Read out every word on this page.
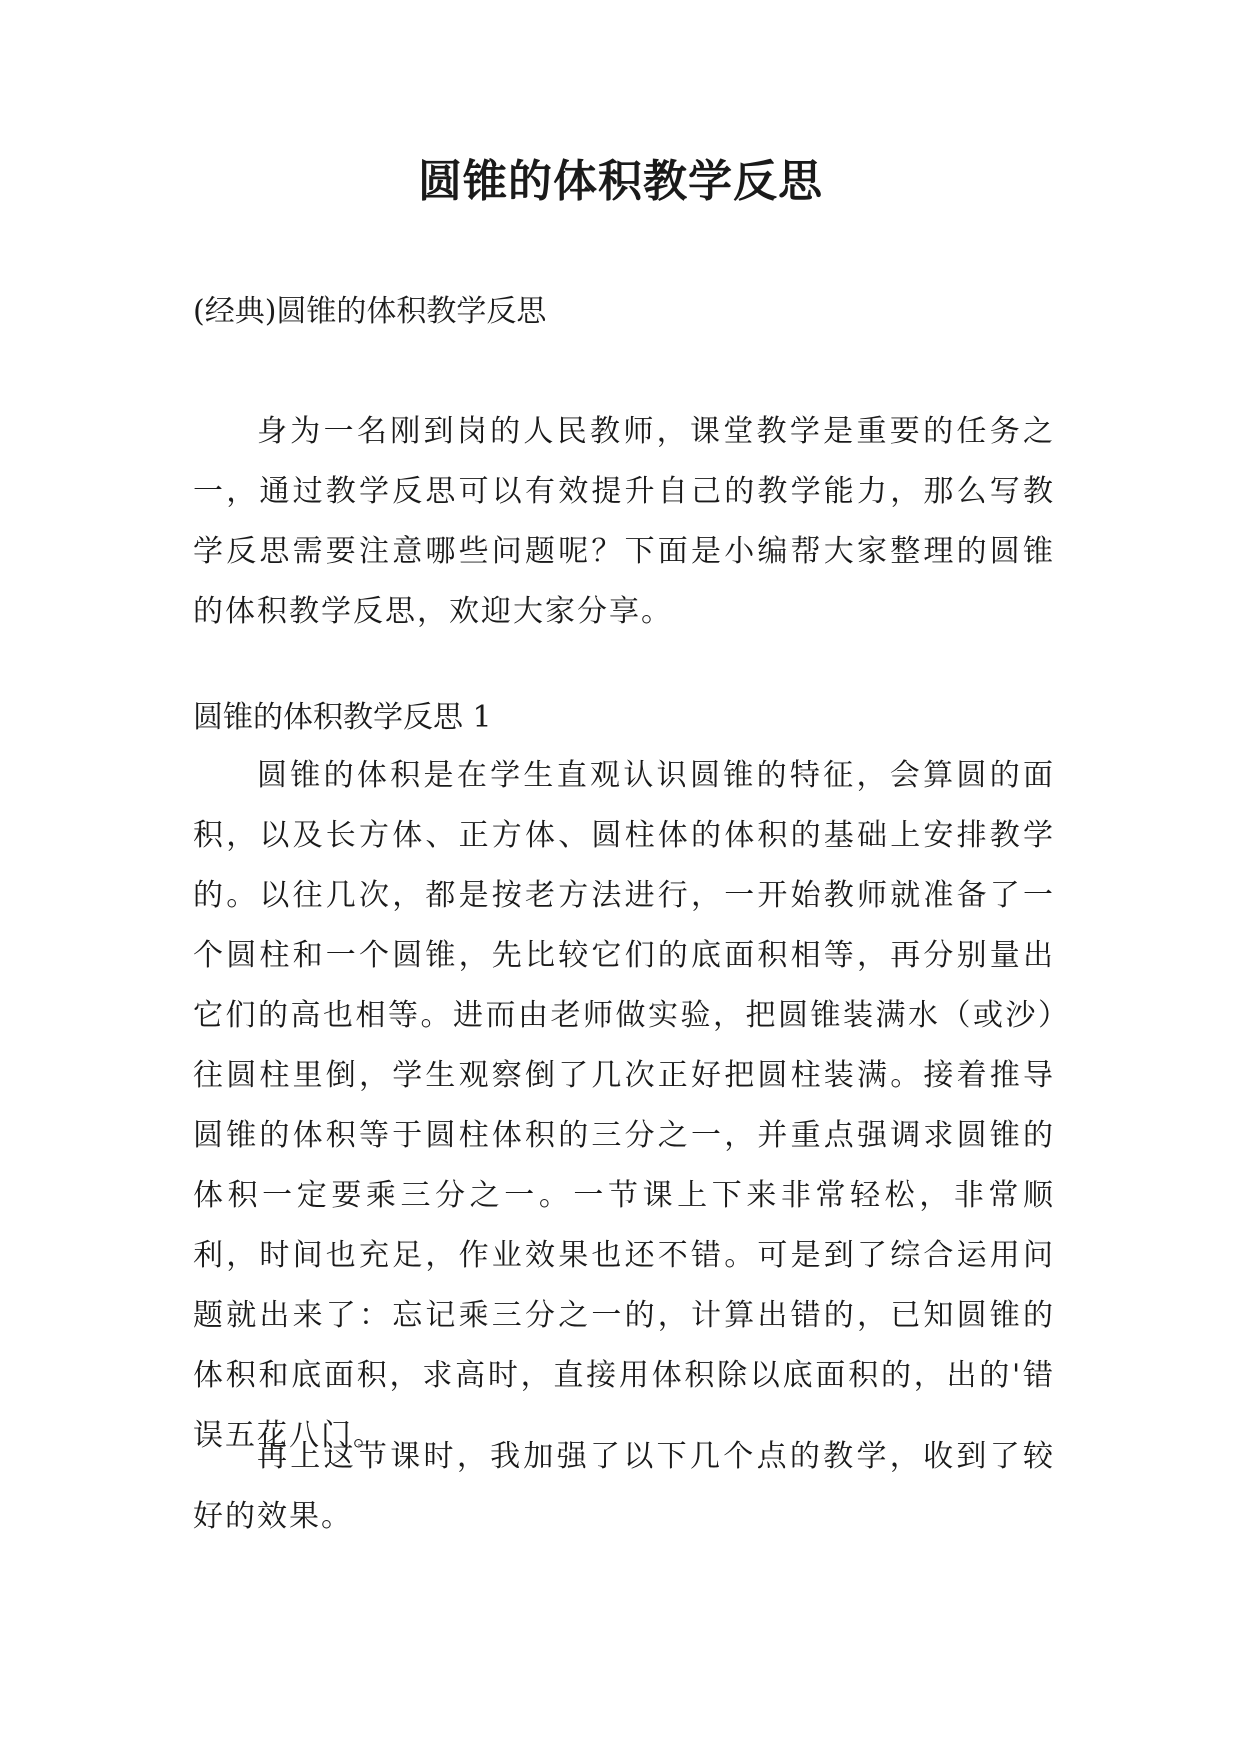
圆锥的体积教学反思

(经典)圆锥的体积教学反思

身为一名刚到岗的人民教师，课堂教学是重要的任务之一，通过教学反思可以有效提升自己的教学能力，那么写教学反思需要注意哪些问题呢？下面是小编帮大家整理的圆锥的体积教学反思，欢迎大家分享。

圆锥的体积教学反思 1

圆锥的体积是在学生直观认识圆锥的特征，会算圆的面积，以及长方体、正方体、圆柱体的体积的基础上安排教学的。以往几次，都是按老方法进行，一开始教师就准备了一个圆柱和一个圆锥，先比较它们的底面积相等，再分别量出它们的高也相等。进而由老师做实验，把圆锥装满水（或沙）往圆柱里倒，学生观察倒了几次正好把圆柱装满。接着推导圆锥的体积等于圆柱体积的三分之一，并重点强调求圆锥的体积一定要乘三分之一。一节课上下来非常轻松，非常顺利，时间也充足，作业效果也还不错。可是到了综合运用问题就出来了：忘记乘三分之一的，计算出错的，已知圆锥的体积和底面积，求高时，直接用体积除以底面积的，出的'错误五花八门。

再上这节课时，我加强了以下几个点的教学，收到了较好的效果。
